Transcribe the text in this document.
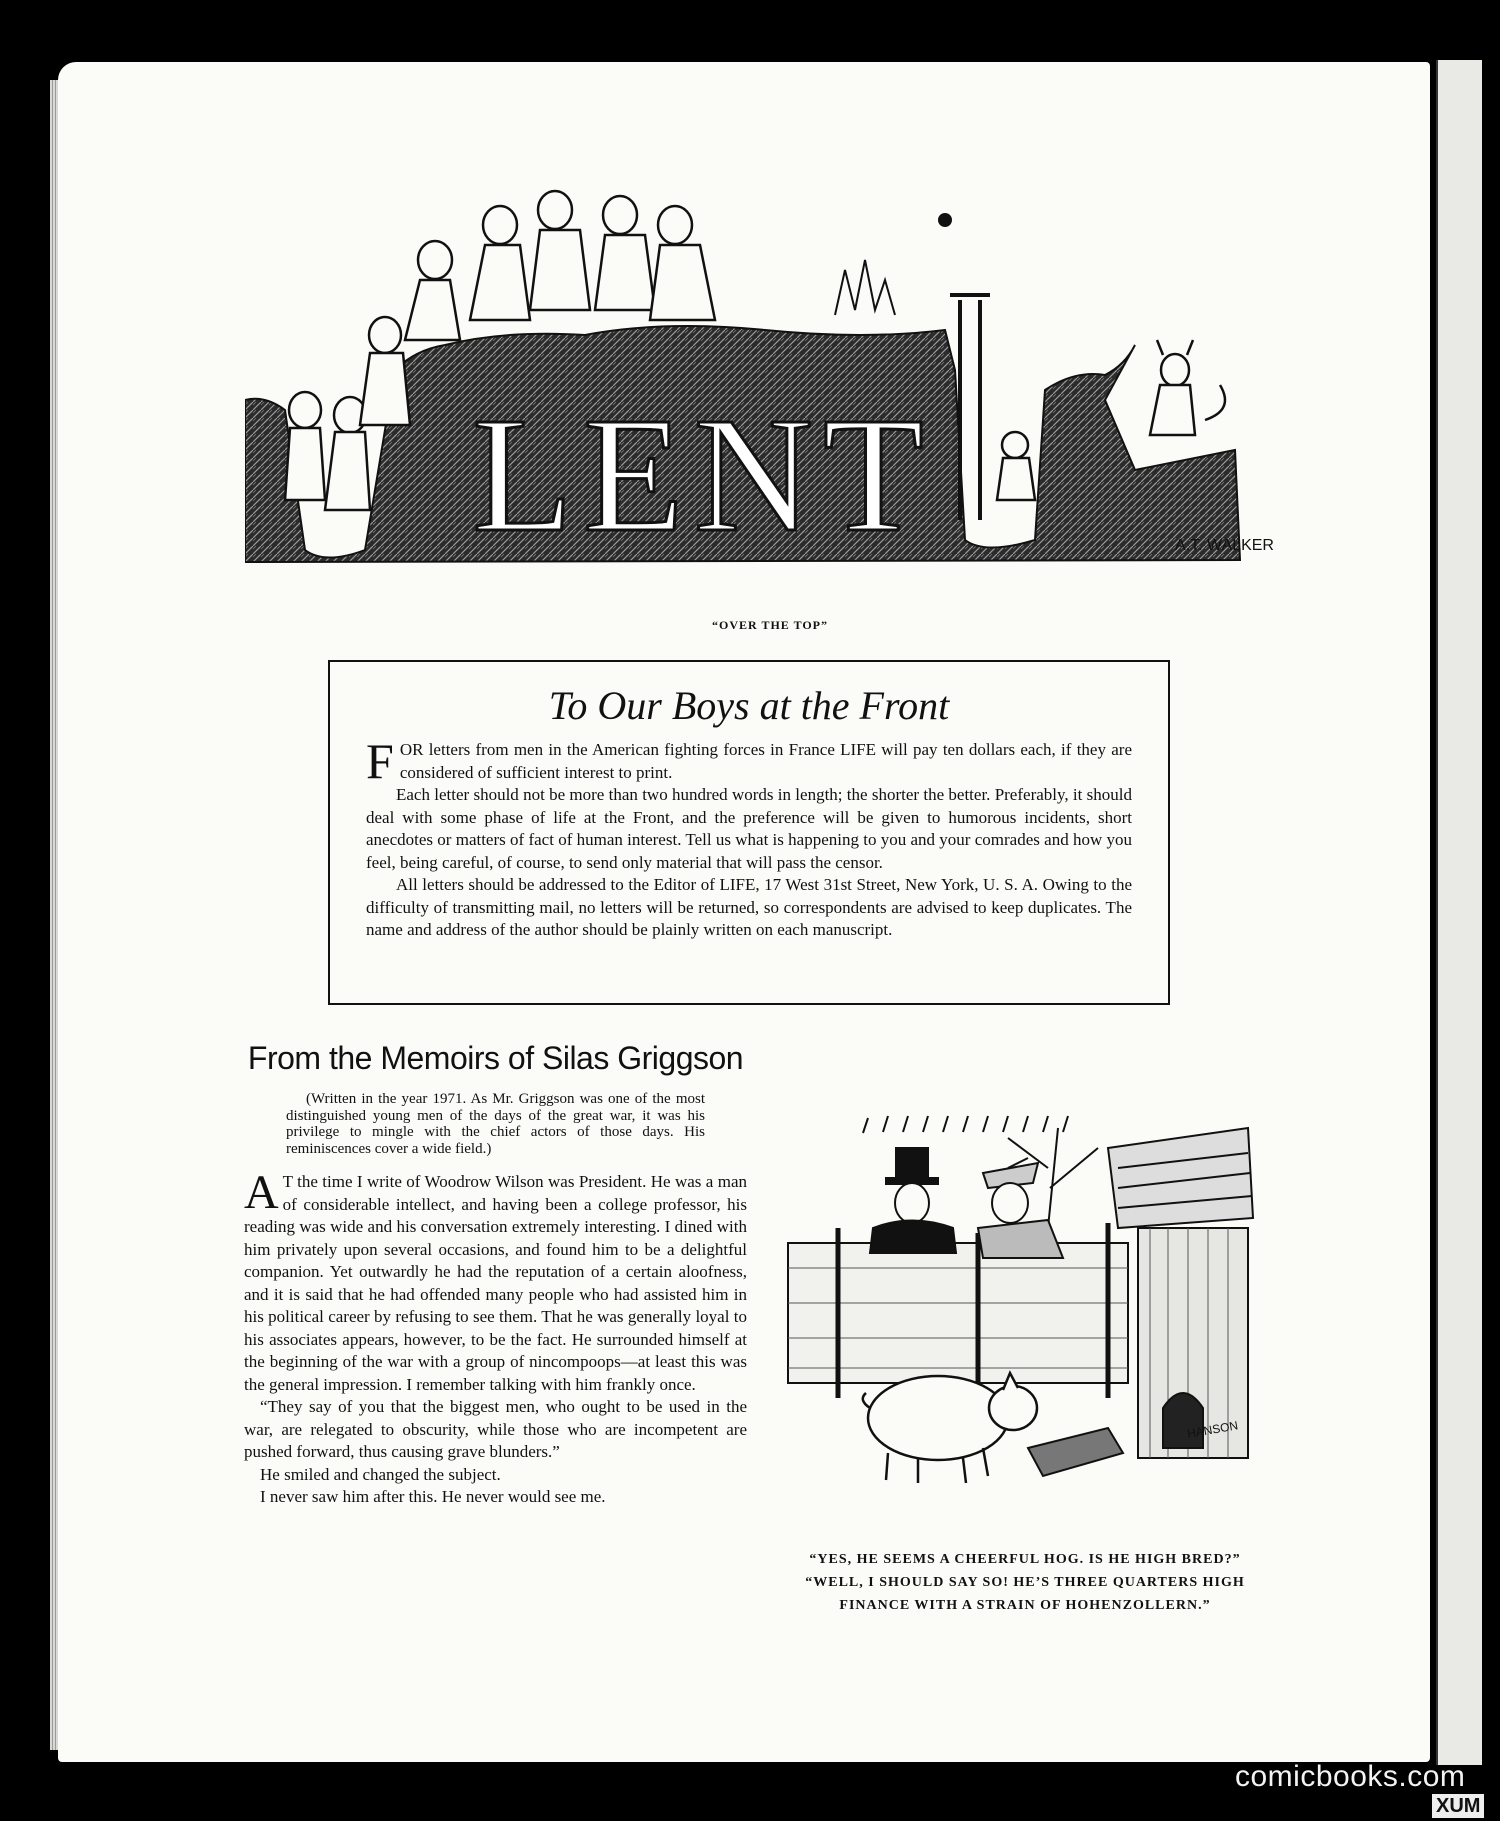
LENT	A.T. WALKER
“OVER THE TOP”
To Our Boys at the Front

FOR letters from men in the American fighting forces in France LIFE will pay ten dollars each, if they are considered of sufficient interest to print.

Each letter should not be more than two hundred words in length; the shorter the better. Preferably, it should deal with some phase of life at the Front, and the preference will be given to humorous incidents, short anecdotes or matters of fact of human interest. Tell us what is happening to you and your comrades and how you feel, being careful, of course, to send only material that will pass the censor.

All letters should be addressed to the Editor of LIFE, 17 West 31st Street, New York, U. S. A. Owing to the difficulty of transmitting mail, no letters will be returned, so correspondents are advised to keep duplicates. The name and address of the author should be plainly written on each manuscript.

From the Memoirs of Silas Griggson

(Written in the year 1971. As Mr. Griggson was one of the most distinguished young men of the days of the great war, it was his privilege to mingle with the chief actors of those days. His reminiscences cover a wide field.)

A T the time I write of Woodrow Wilson was President. He was a man of considerable intellect, and having been a college professor, his reading was wide and his conversation extremely interesting. I dined with him privately upon several occasions, and found him to be a delightful companion. Yet outwardly he had the reputation of a certain aloofness, and it is said that he had offended many people who had assisted him in his political career by refusing to see them. That he was generally loyal to his associates appears, however, to be the fact. He surrounded himself at the beginning of the war with a group of nincompoops—at least this was the general impression. I remember talking with him frankly once.

“They say of you that the biggest men, who ought to be used in the war, are relegated to obscurity, while those who are incompetent are pushed forward, thus causing grave blunders.”

He smiled and changed the subject.

I never saw him after this. He never would see me.

HANSON
“YES, HE SEEMS A CHEERFUL HOG. IS HE HIGH BRED?”
“WELL, I SHOULD SAY SO! HE’S THREE QUARTERS HIGH
FINANCE WITH A STRAIN OF HOHENZOLLERN.”
comicbooks.com
XUM
